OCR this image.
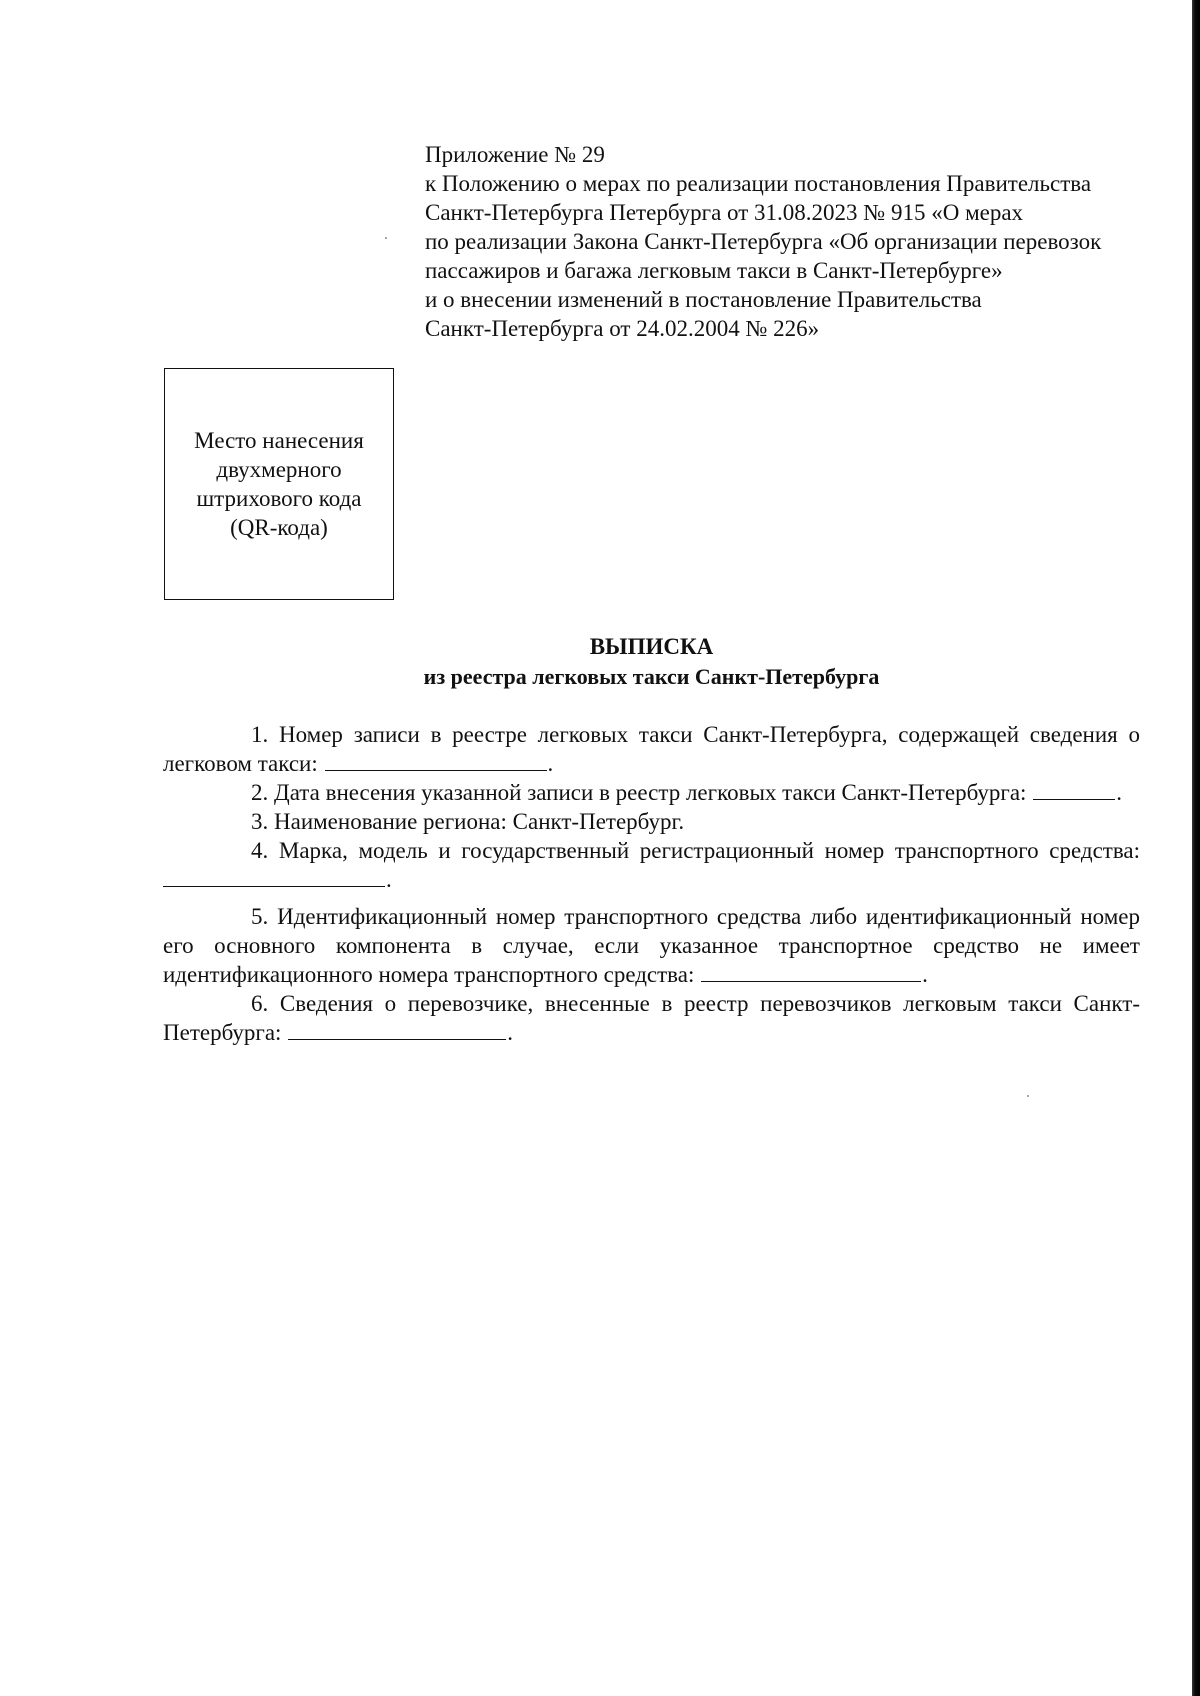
Приложение № 29
к Положению о мерах по реализации постановления Правительства
Санкт-Петербурга Петербурга от 31.08.2023 № 915 «О мерах
по реализации Закона Санкт-Петербурга «Об организации перевозок
пассажиров и багажа легковым такси в Санкт-Петербурге»
и о внесении изменений в постановление Правительства
Санкт-Петербурга от 24.02.2004 № 226»
Место нанесения
двухмерного
штрихового кода
(QR-кода)
ВЫПИСКА
из реестра легковых такси Санкт-Петербурга

1. Номер записи в реестре легковых такси Санкт-Петербурга, содержащей сведения о легковом такси:	.

2. Дата внесения указанной записи в реестр легковых такси Санкт-Петербурга:	.

3. Наименование региона: Санкт-Петербург.

4. Марка, модель и государственный регистрационный номер транспортного средства:

.

5. Идентификационный номер транспортного средства либо идентификационный номер его основного компонента в случае, если указанное транспортное средство не имеет идентификационного номера транспортного средства:	.

6. Сведения о перевозчике, внесенные в реестр перевозчиков легковым такси Санкт-Петербурга:	.
